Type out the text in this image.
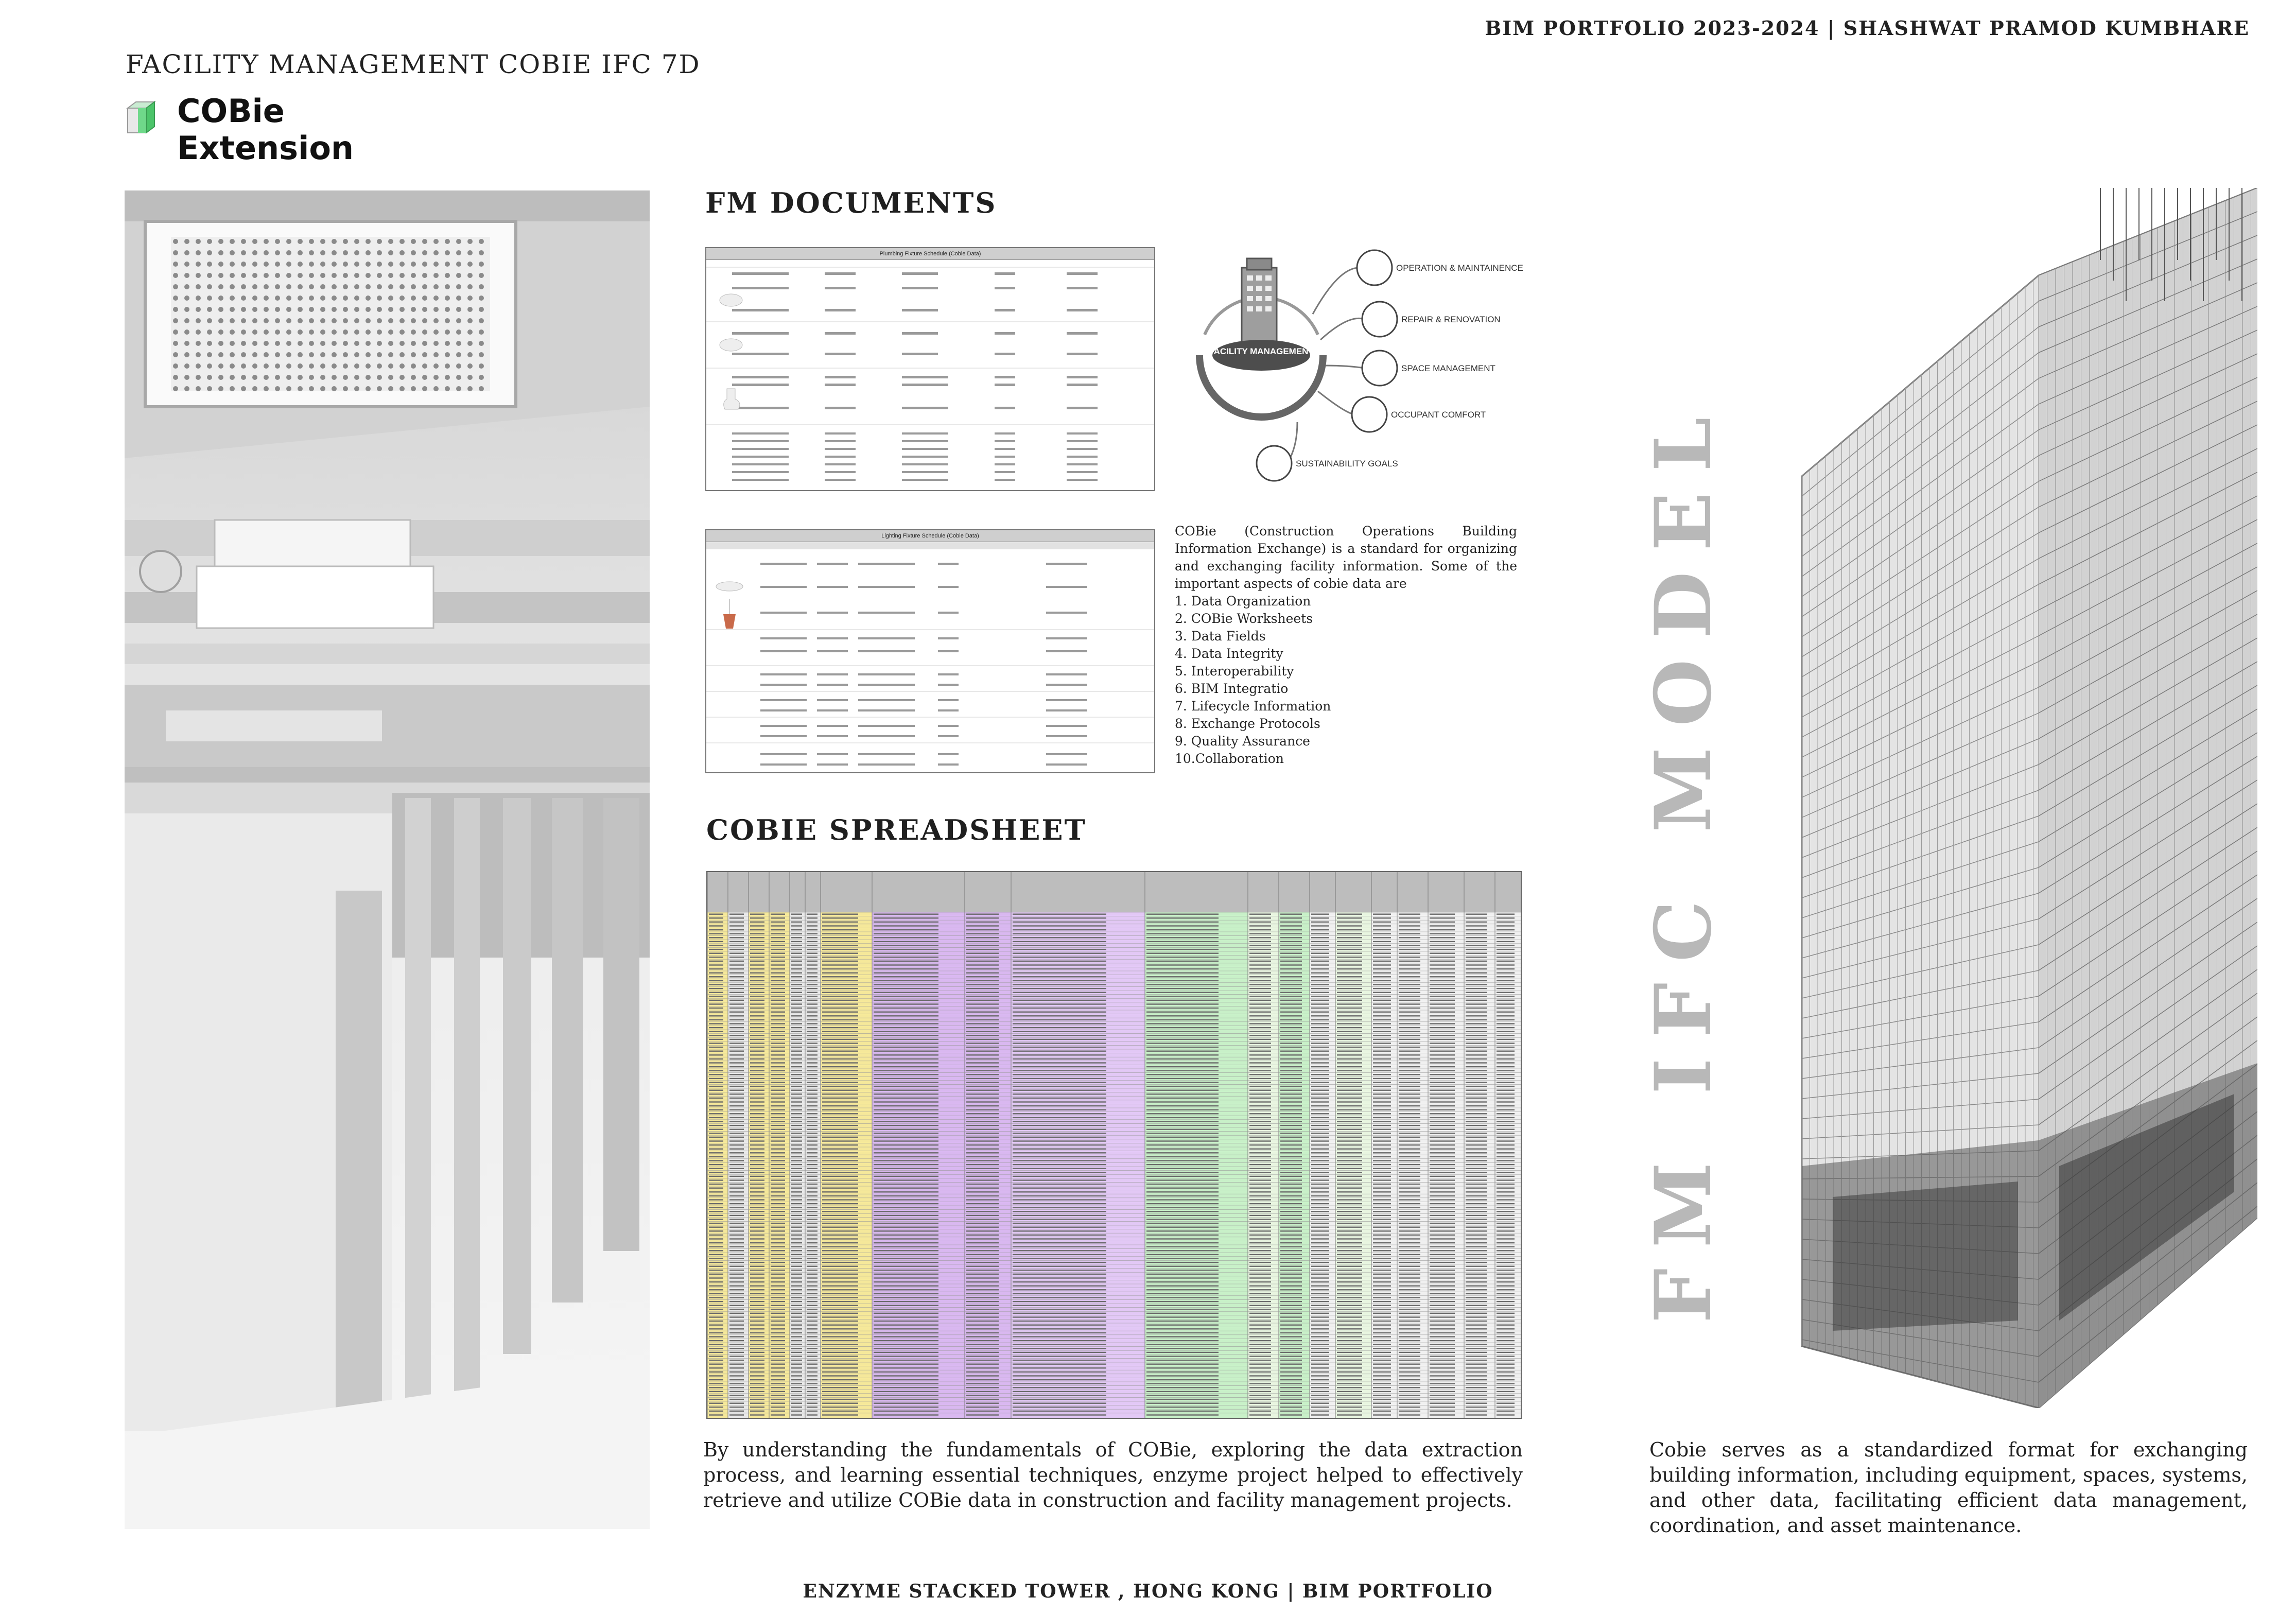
BIM PORTFOLIO 2023-2024 | SHASHWAT PRAMOD KUMBHARE
FACILITY MANAGEMENT COBIE IFC 7D
COBie
Extension
FM DOCUMENTS
Plumbing Fixture Schedule (Cobie Data)
FACILITY MANAGEMENT
OPERATION & MAINTAINENCE
REPAIR & RENOVATION
SPACE MANAGEMENT
OCCUPANT COMFORT
SUSTAINABILITY GOALS
Lighting Fixture Schedule (Cobie Data)	COBie (Construction Operations Building Information Exchange) is a standard for organizing and exchanging facility information. Some of the important aspects of cobie data are

1. Data Organization
2. COBie Worksheets
3. Data Fields
4. Data Integrity
5. Interoperability
6. BIM Integratio
7. Lifecycle Information
8. Exchange Protocols
9. Quality Assurance
10.Collaboration
COBIE SPREADSHEET	FM IFC MODEL
By understanding the fundamentals of COBie, exploring the data extraction process, and learning essential techniques, enzyme project helped to effectively retrieve and utilize COBie data in construction and facility management projects.
Cobie serves as a standardized format for exchanging building information, including equipment, spaces, systems, and other data, facilitating efficient data management, coordination, and asset maintenance.
ENZYME STACKED TOWER , HONG KONG | BIM PORTFOLIO
